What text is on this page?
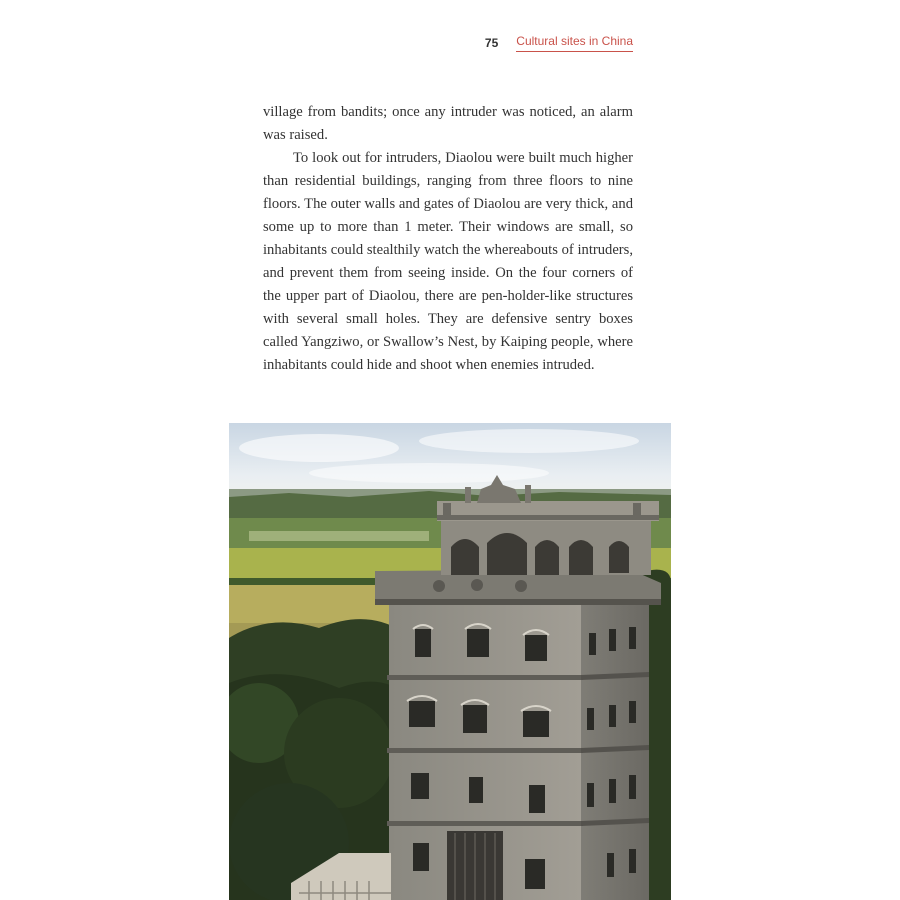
75 Cultural sites in China

village from bandits; once any intruder was noticed, an alarm was raised.

To look out for intruders, Diaolou were built much higher than residential buildings, ranging from three floors to nine floors. The outer walls and gates of Diaolou are very thick, and some up to more than 1 meter. Their windows are small, so inhabitants could stealthily watch the whereabouts of intruders, and prevent them from seeing inside. On the four corners of the upper part of Diaolou, there are pen-holder-like structures with several small holes. They are defensive sentry boxes called Yangziwo, or Swallow’s Nest, by Kaiping people, where inhabitants could hide and shoot when enemies intruded.
